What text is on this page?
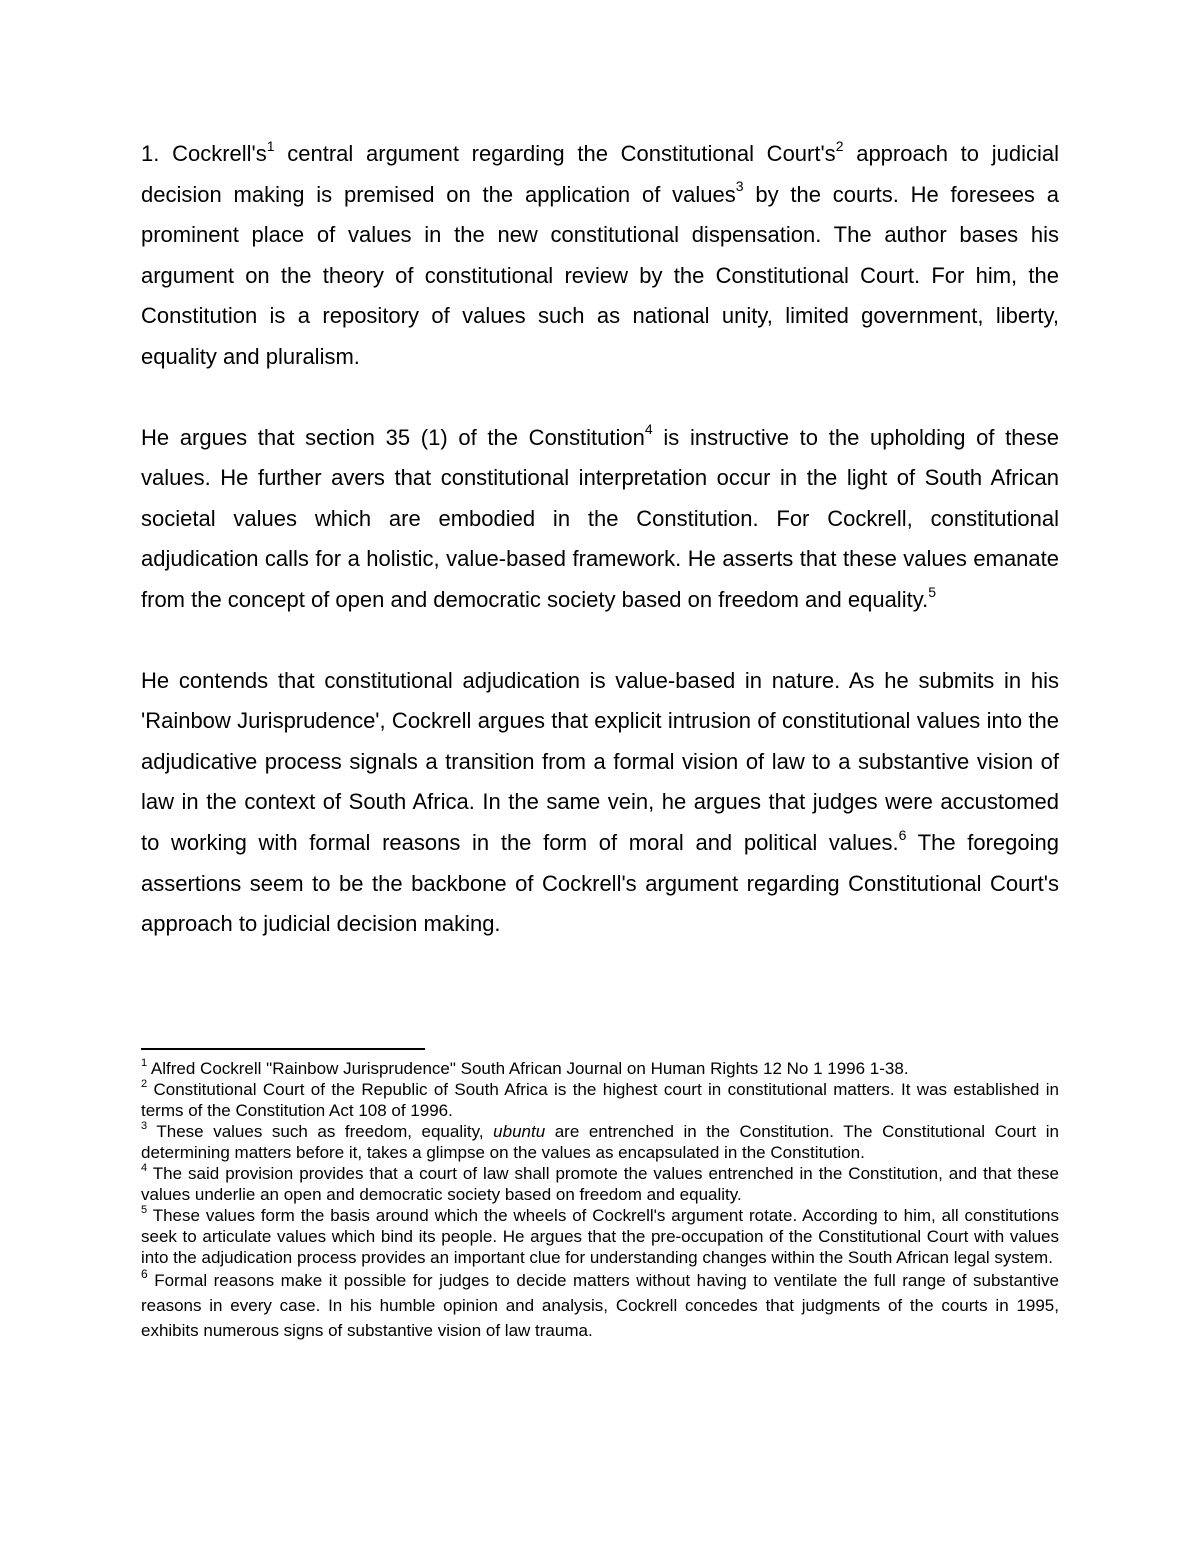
1. $Cockrell's^1$ central argument regarding the Constitutional $Court's^2$ approach to judicial decision making is premised on the application of values$^3$ by the courts. He foresees a prominent place of values in the new constitutional dispensation. The author bases his argument on the theory of constitutional review by the Constitutional Court. For him, the Constitution is a repository of values such as national unity, limited government, liberty, equality and pluralism.

He argues that section 35 (1) of the Constitution$^4$ is instructive to the upholding of these values. He further avers that constitutional interpretation occur in the light of South African societal values which are embodied in the Constitution. For Cockrell, constitutional adjudication calls for a holistic, value-based framework. He asserts that these values emanate from the concept of open and democratic society based on freedom and equality.$^5$

He contends that constitutional adjudication is value-based in nature. As he submits in his 'Rainbow Jurisprudence', Cockrell argues that explicit intrusion of constitutional values into the adjudicative process signals a transition from a formal vision of law to a substantive vision of law in the context of South Africa. In the same vein, he argues that judges were accustomed to working with formal reasons in the form of moral and political values.$^6$ The foregoing assertions seem to be the backbone of Cockrell's argument regarding Constitutional Court's approach to judicial decision making.

$^1$ Alfred Cockrell "Rainbow Jurisprudence" South African Journal on Human Rights 12 No 1 1996 1-38.

$^2$ Constitutional Court of the Republic of South Africa is the highest court in constitutional matters. It was established in terms of the Constitution Act 108 of 1996.

$^3$ These values such as freedom, equality, ubuntu are entrenched in the Constitution. The Constitutional Court in determining matters before it, takes a glimpse on the values as encapsulated in the Constitution.

$^4$ The said provision provides that a court of law shall promote the values entrenched in the Constitution, and that these values underlie an open and democratic society based on freedom and equality.

$^5$ These values form the basis around which the wheels of Cockrell's argument rotate. According to him, all constitutions seek to articulate values which bind its people. He argues that the pre-occupation of the Constitutional Court with values into the adjudication process provides an important clue for understanding changes within the South African legal system.

$^6$ Formal reasons make it possible for judges to decide matters without having to ventilate the full range of substantive reasons in every case. In his humble opinion and analysis, Cockrell concedes that judgments of the courts in 1995, exhibits numerous signs of substantive vision of law trauma.
